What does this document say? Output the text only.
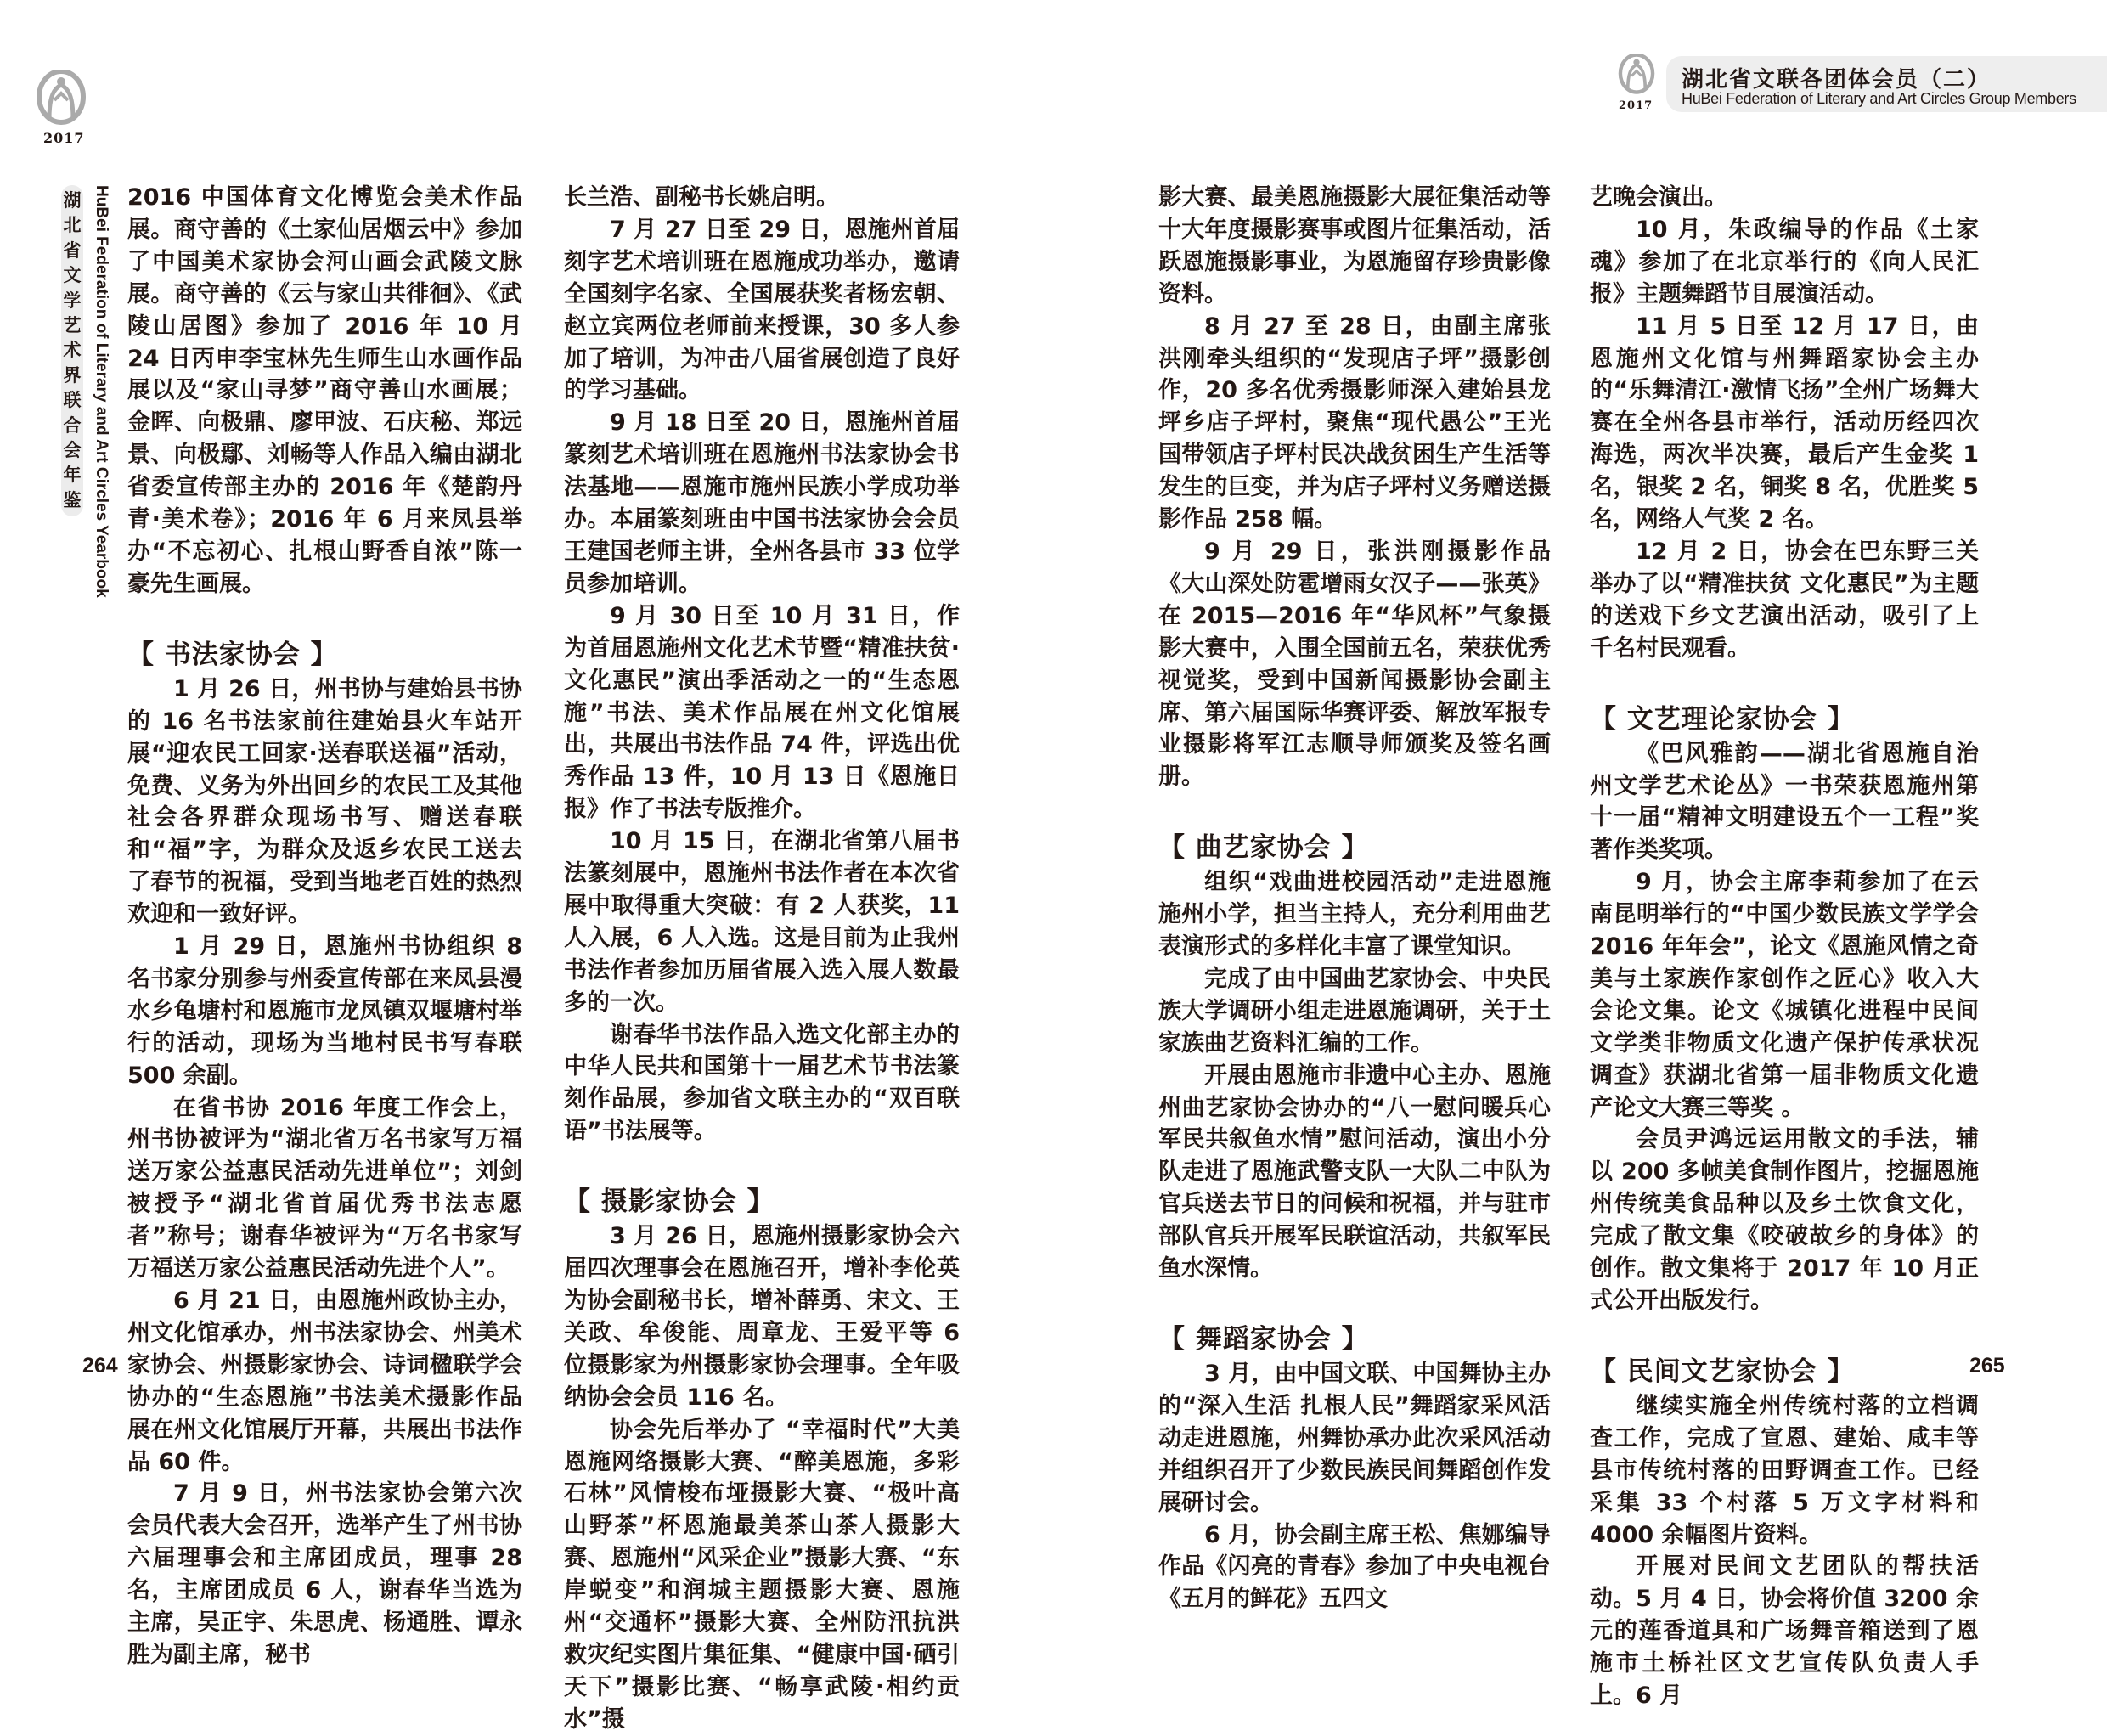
2017
湖
北
省
文
学
艺
术
界
联
合
会
年
鉴 HuBei Federation of Literary and Art Circles Yearbook 2016 中国体育文化博览会美术作品展。商守善的《土家仙居烟云中》参加了中国美术家协会河山画会武陵文脉展。商守善的《云与家山共徘徊》、《武陵山居图》参加了 2016 年 10 月 24 日丙申李宝林先生师生山水画作品展以及“家山寻梦”商守善山水画展；金晖、向极鼎、廖甲波、石庆秘、郑远景、向极鄢、刘畅等人作品入编由湖北省委宣传部主办的 2016 年《楚韵丹青·美术卷》；2016 年 6 月来凤县举办“不忘初心、扎根山野香自浓”陈一豪先生画展。

【 书法家协会 】

1 月 26 日，州书协与建始县书协的 16 名书法家前往建始县火车站开展“迎农民工回家·送春联送福”活动，免费、义务为外出回乡的农民工及其他社会各界群众现场书写、赠送春联和“福”字，为群众及返乡农民工送去了春节的祝福，受到当地老百姓的热烈欢迎和一致好评。

1 月 29 日，恩施州书协组织 8 名书家分别参与州委宣传部在来凤县漫水乡龟塘村和恩施市龙凤镇双堰塘村举行的活动，现场为当地村民书写春联 500 余副。

在省书协 2016 年度工作会上，州书协被评为“湖北省万名书家写万福送万家公益惠民活动先进单位”；刘剑被授予“湖北省首届优秀书法志愿者”称号；谢春华被评为“万名书家写万福送万家公益惠民活动先进个人”。

6 月 21 日，由恩施州政协主办，州文化馆承办，州书法家协会、州美术家协会、州摄影家协会、诗词楹联学会协办的“生态恩施”书法美术摄影作品展在州文化馆展厅开幕，共展出书法作品 60 件。

7 月 9 日，州书法家协会第六次会员代表大会召开，选举产生了州书协六届理事会和主席团成员，理事 28 名，主席团成员 6 人，谢春华当选为主席，吴正宇、朱思虎、杨通胜、谭永胜为副主席，秘书

长兰浩、副秘书长姚启明。

7 月 27 日至 29 日，恩施州首届刻字艺术培训班在恩施成功举办，邀请全国刻字名家、全国展获奖者杨宏朝、赵立宾两位老师前来授课，30 多人参加了培训，为冲击八届省展创造了良好的学习基础。

9 月 18 日至 20 日，恩施州首届篆刻艺术培训班在恩施州书法家协会书法基地——恩施市施州民族小学成功举办。本届篆刻班由中国书法家协会会员王建国老师主讲，全州各县市 33 位学员参加培训。

9 月 30 日至 10 月 31 日，作为首届恩施州文化艺术节暨“精准扶贫·文化惠民”演出季活动之一的“生态恩施”书法、美术作品展在州文化馆展出，共展出书法作品 74 件，评选出优秀作品 13 件，10 月 13 日《恩施日报》作了书法专版推介。

10 月 15 日，在湖北省第八届书法篆刻展中，恩施州书法作者在本次省展中取得重大突破：有 2 人获奖，11 人入展，6 人入选。这是目前为止我州书法作者参加历届省展入选入展人数最多的一次。

谢春华书法作品入选文化部主办的中华人民共和国第十一届艺术节书法篆刻作品展，参加省文联主办的“双百联语”书法展等。

【 摄影家协会 】

3 月 26 日，恩施州摄影家协会六届四次理事会在恩施召开，增补李伦英为协会副秘书长，增补薛勇、宋文、王关政、牟俊能、周章龙、王爱平等 6 位摄影家为州摄影家协会理事。全年吸纳协会会员 116 名。

协会先后举办了 “幸福时代”大美恩施网络摄影大赛、“醉美恩施，多彩石林”风情梭布垭摄影大赛、“极叶高山野茶”杯恩施最美茶山茶人摄影大赛、恩施州“风采企业”摄影大赛、“东岸蜕变”和润城主题摄影大赛、恩施州“交通杯”摄影大赛、全州防汛抗洪救灾纪实图片集征集、“健康中国·硒引天下”摄影比赛、“畅享武陵·相约贡水”摄

264
2017
湖北省文联各团体会员（二）
HuBei Federation of Literary and Art Circles Group Members

影大赛、最美恩施摄影大展征集活动等十大年度摄影赛事或图片征集活动，活跃恩施摄影事业，为恩施留存珍贵影像资料。

8 月 27 至 28 日，由副主席张洪刚牵头组织的“发现店子坪”摄影创作，20 多名优秀摄影师深入建始县龙坪乡店子坪村，聚焦“现代愚公”王光国带领店子坪村民决战贫困生产生活等发生的巨变，并为店子坪村义务赠送摄影作品 258 幅。

9 月 29 日，张洪刚摄影作品《大山深处防雹增雨女汉子——张英》在 2015—2016 年“华风杯”气象摄影大赛中，入围全国前五名，荣获优秀视觉奖，受到中国新闻摄影协会副主席、第六届国际华赛评委、解放军报专业摄影将军江志顺导师颁奖及签名画册。

【 曲艺家协会 】

组织“戏曲进校园活动”走进恩施施州小学，担当主持人，充分利用曲艺表演形式的多样化丰富了课堂知识。

完成了由中国曲艺家协会、中央民族大学调研小组走进恩施调研，关于土家族曲艺资料汇编的工作。

开展由恩施市非遗中心主办、恩施州曲艺家协会协办的“八一慰问暖兵心 军民共叙鱼水情”慰问活动，演出小分队走进了恩施武警支队一大队二中队为官兵送去节日的问候和祝福，并与驻市部队官兵开展军民联谊活动，共叙军民鱼水深情。

【 舞蹈家协会 】

3 月，由中国文联、中国舞协主办的“深入生活 扎根人民”舞蹈家采风活动走进恩施，州舞协承办此次采风活动并组织召开了少数民族民间舞蹈创作发展研讨会。

6 月，协会副主席王松、焦娜编导作品《闪亮的青春》参加了中央电视台《五月的鲜花》五四文

艺晚会演出。

10 月，朱政编导的作品《土家魂》参加了在北京举行的《向人民汇报》主题舞蹈节目展演活动。

11 月 5 日至 12 月 17 日，由恩施州文化馆与州舞蹈家协会主办的“乐舞清江·激情飞扬”全州广场舞大赛在全州各县市举行，活动历经四次海选，两次半决赛，最后产生金奖 1 名，银奖 2 名，铜奖 8 名，优胜奖 5 名，网络人气奖 2 名。

12 月 2 日，协会在巴东野三关举办了以“精准扶贫 文化惠民”为主题的送戏下乡文艺演出活动，吸引了上千名村民观看。

【 文艺理论家协会 】

《巴风雅韵——湖北省恩施自治州文学艺术论丛》一书荣获恩施州第十一届“精神文明建设五个一工程”奖著作类奖项。

9 月，协会主席李莉参加了在云南昆明举行的“中国少数民族文学学会 2016 年年会”，论文《恩施风情之奇美与土家族作家创作之匠心》收入大会论文集。论文《城镇化进程中民间文学类非物质文化遗产保护传承状况调查》获湖北省第一届非物质文化遗产论文大赛三等奖 。

会员尹鸿远运用散文的手法，辅以 200 多帧美食制作图片，挖掘恩施州传统美食品种以及乡土饮食文化，完成了散文集《咬破故乡的身体》的创作。散文集将于 2017 年 10 月正式公开出版发行。

【 民间文艺家协会 】

继续实施全州传统村落的立档调查工作，完成了宣恩、建始、咸丰等县市传统村落的田野调查工作。已经采集 33 个村落 5 万文字材料和 4000 余幅图片资料。

开展对民间文艺团队的帮扶活动。5 月 4 日，协会将价值 3200 余元的莲香道具和广场舞音箱送到了恩施市土桥社区文艺宣传队负责人手上。6 月

265
